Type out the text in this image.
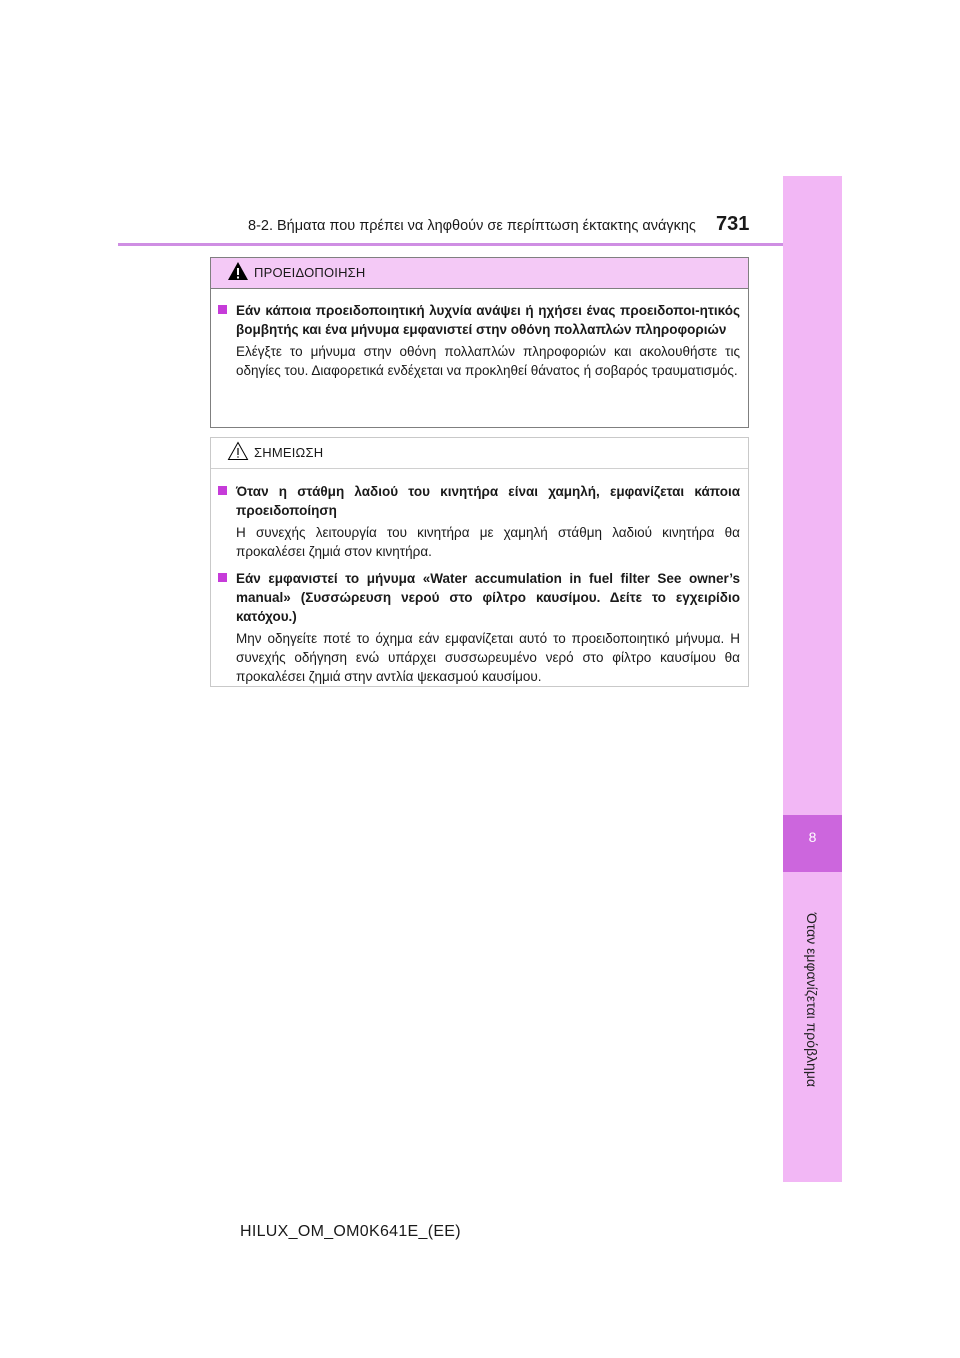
8-2. Βήματα που πρέπει να ληφθούν σε περίπτωση έκτακτης ανάγκης 731
8
Όταν εμφανίζεται πρόβλημα
ΠΡΟΕΙΔΟΠΟΙΗΣΗ

Εάν κάποια προειδοποιητική λυχνία ανάψει ή ηχήσει ένας προειδοποι-ητικός βομβητής και ένα μήνυμα εμφανιστεί στην οθόνη πολλαπλών πληροφοριών

Ελέγξτε το μήνυμα στην οθόνη πολλαπλών πληροφοριών και ακολουθήστε τις οδηγίες του. Διαφορετικά ενδέχεται να προκληθεί θάνατος ή σοβαρός τραυματισμός.

ΣΗΜΕΙΩΣΗ

Όταν η στάθμη λαδιού του κινητήρα είναι χαμηλή, εμφανίζεται κάποια προειδοποίηση

Η συνεχής λειτουργία του κινητήρα με χαμηλή στάθμη λαδιού κινητήρα θα προκαλέσει ζημιά στον κινητήρα.

Εάν εμφανιστεί το μήνυμα «Water accumulation in fuel filter See owner’s manual» (Συσσώρευση νερού στο φίλτρο καυσίμου. Δείτε το εγχειρίδιο κατόχου.)

Μην οδηγείτε ποτέ το όχημα εάν εμφανίζεται αυτό το προειδοποιητικό μήνυμα. Η συνεχής οδήγηση ενώ υπάρχει συσσωρευμένο νερό στο φίλτρο καυσίμου θα προκαλέσει ζημιά στην αντλία ψεκασμού καυσίμου.

HILUX_OM_OM0K641E_(EE)
